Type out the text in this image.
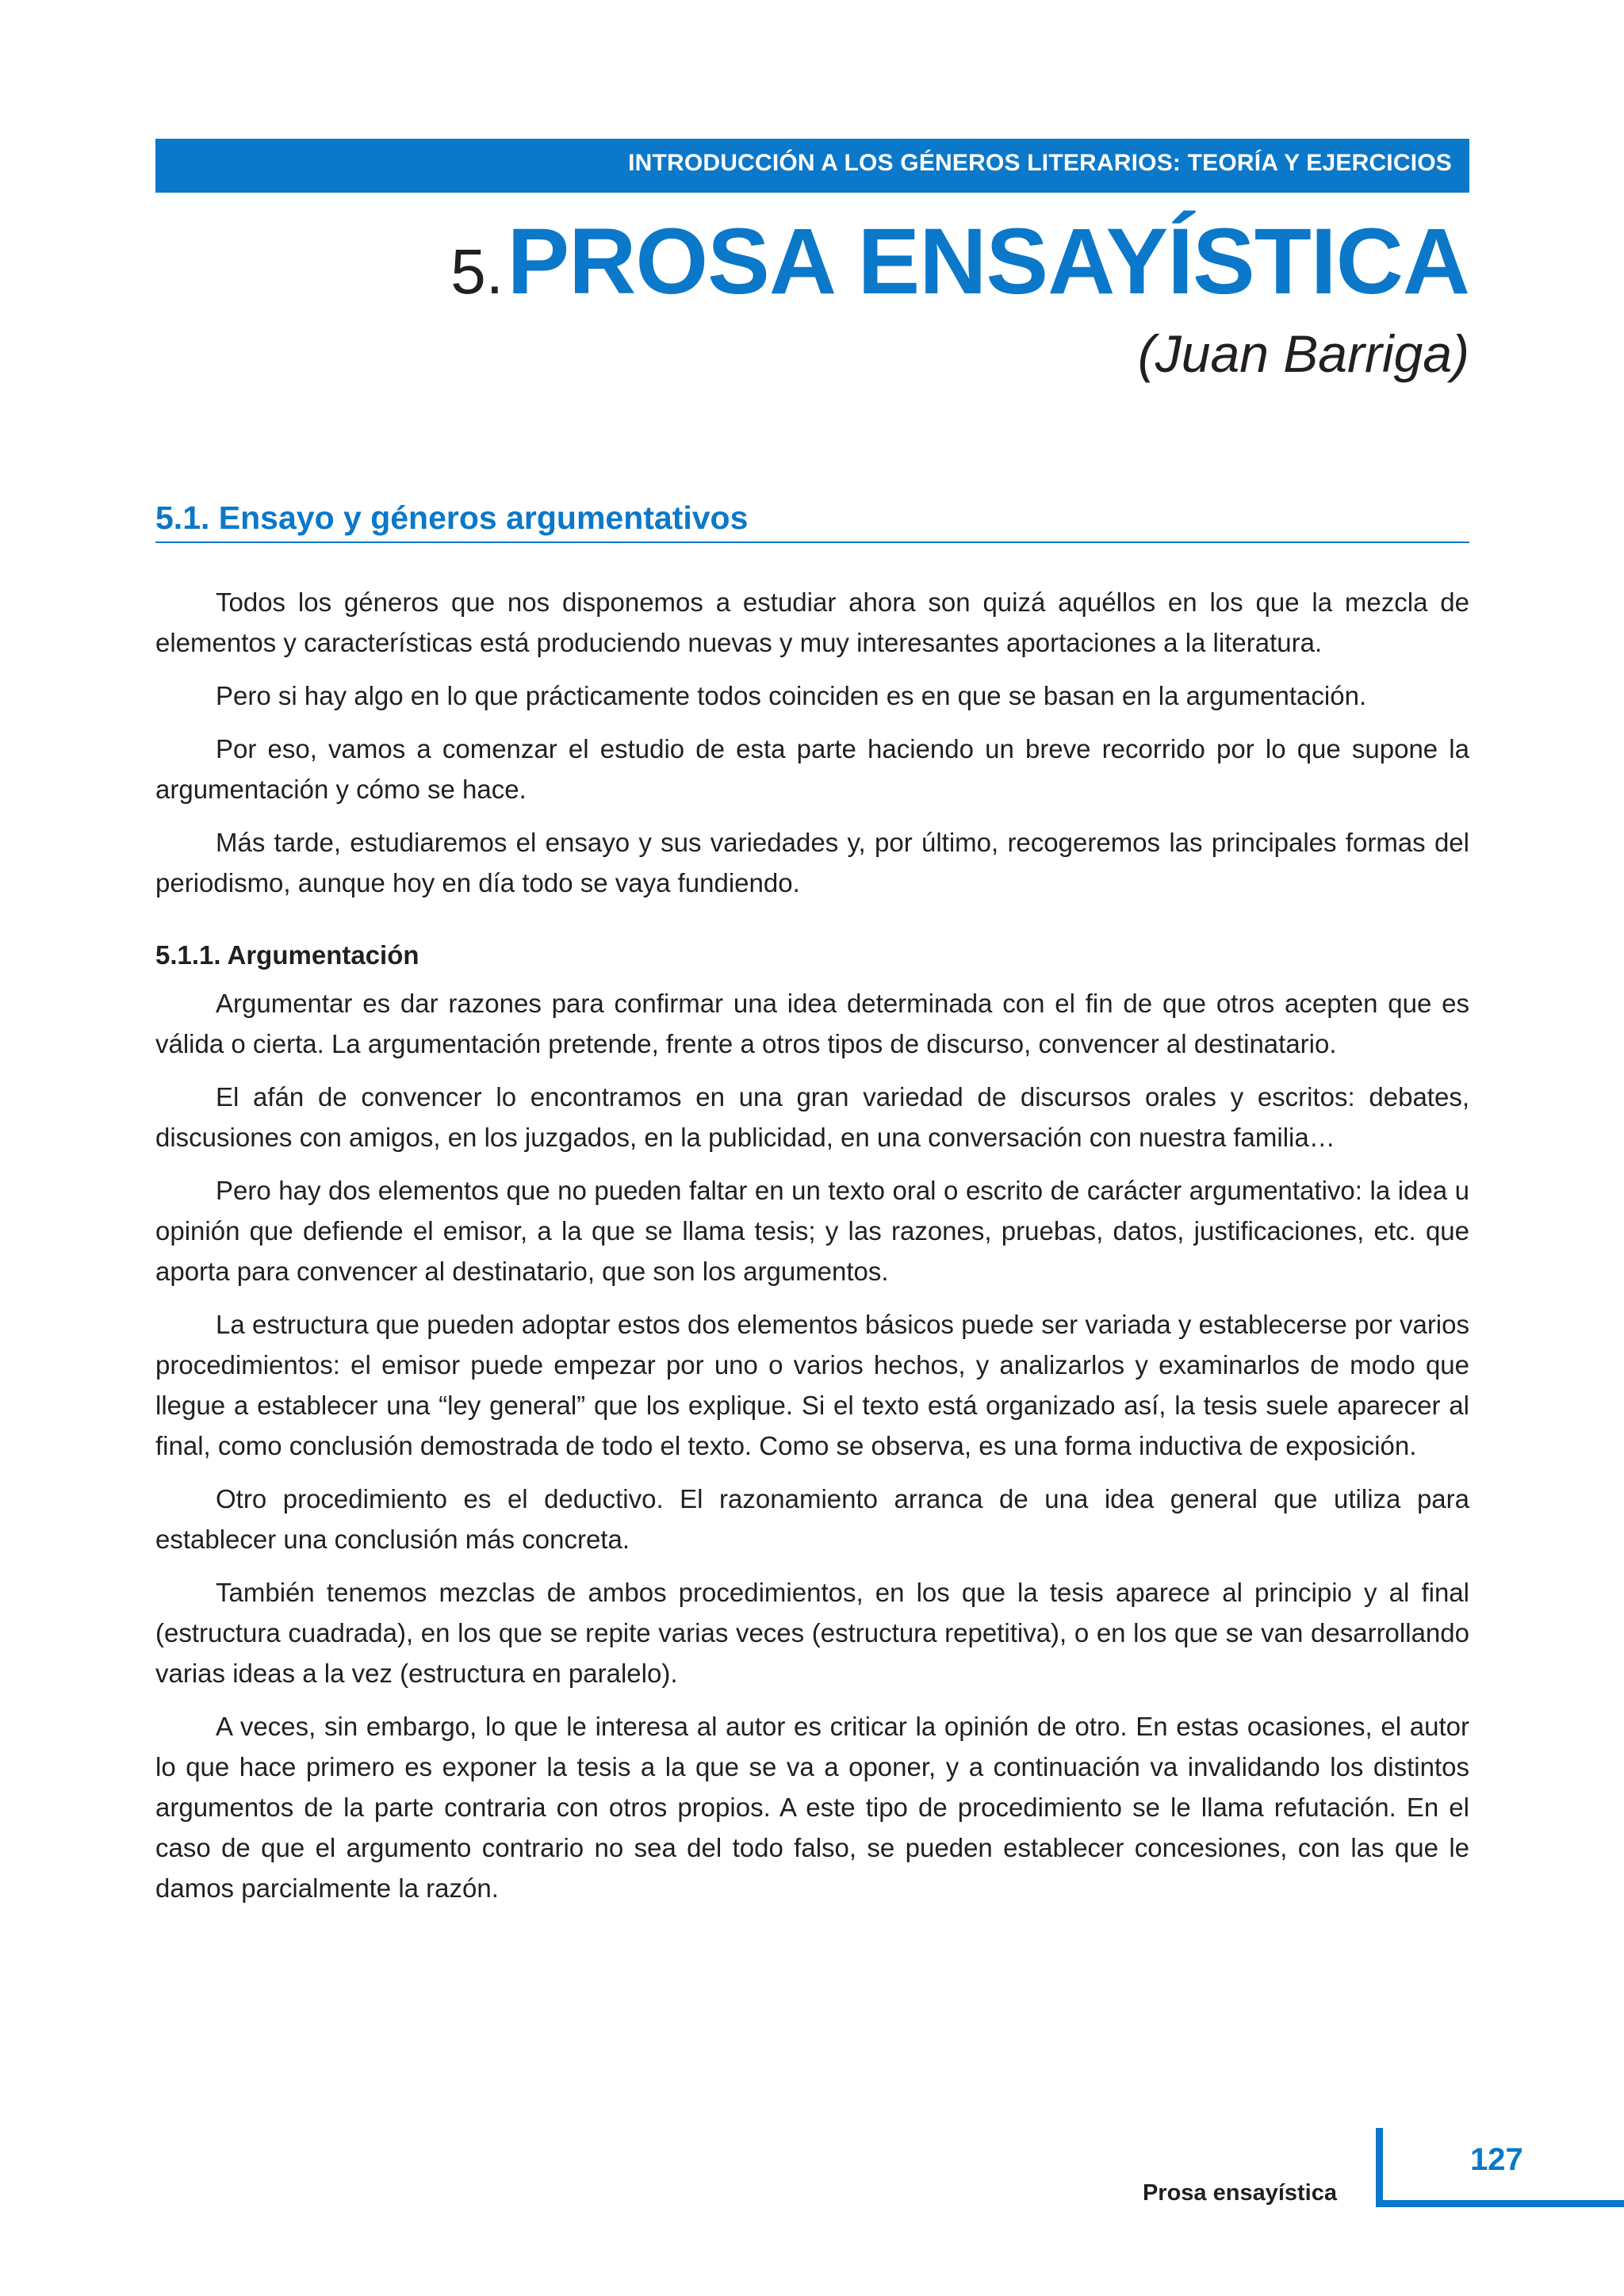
INTRODUCCIÓN A LOS GÉNEROS LITERARIOS: TEORÍA Y EJERCICIOS
5. PROSA ENSAYÍSTICA
(Juan Barriga)
5.1. Ensayo y géneros argumentativos

Todos los géneros que nos disponemos a estudiar ahora son quizá aquéllos en los que la mezcla de elementos y características está produciendo nuevas y muy interesantes aportaciones a la literatura.

Pero si hay algo en lo que prácticamente todos coinciden es en que se basan en la argumentación.

Por eso, vamos a comenzar el estudio de esta parte haciendo un breve recorrido por lo que supone la argumentación y cómo se hace.

Más tarde, estudiaremos el ensayo y sus variedades y, por último, recogeremos las principales formas del periodismo, aunque hoy en día todo se vaya fundiendo.

5.1.1. Argumentación

Argumentar es dar razones para confirmar una idea determinada con el fin de que otros acepten que es válida o cierta. La argumentación pretende, frente a otros tipos de discurso, convencer al destinatario.

El afán de convencer lo encontramos en una gran variedad de discursos orales y escritos: debates, discusiones con amigos, en los juzgados, en la publicidad, en una conversación con nuestra familia…

Pero hay dos elementos que no pueden faltar en un texto oral o escrito de carácter argumentativo: la idea u opinión que defiende el emisor, a la que se llama tesis; y las razones, pruebas, datos, justificaciones, etc. que aporta para convencer al destinatario, que son los argumentos.

La estructura que pueden adoptar estos dos elementos básicos puede ser variada y establecerse por varios procedimientos: el emisor puede empezar por uno o varios hechos, y analizarlos y examinarlos de modo que llegue a establecer una “ley general” que los explique. Si el texto está organizado así, la tesis suele aparecer al final, como conclusión demostrada de todo el texto. Como se observa, es una forma inductiva de exposición.

Otro procedimiento es el deductivo. El razonamiento arranca de una idea general que utiliza para establecer una conclusión más concreta.

También tenemos mezclas de ambos procedimientos, en los que la tesis aparece al principio y al final (estructura cuadrada), en los que se repite varias veces (estructura repetitiva), o en los que se van desarrollando varias ideas a la vez (estructura en paralelo).

A veces, sin embargo, lo que le interesa al autor es criticar la opinión de otro. En estas ocasiones, el autor lo que hace primero es exponer la tesis a la que se va a oponer, y a continuación va invalidando los distintos argumentos de la parte contraria con otros propios. A este tipo de procedimiento se le llama refutación. En el caso de que el argumento contrario no sea del todo falso, se pueden establecer concesiones, con las que le damos parcialmente la razón.

Prosa ensayística
127
